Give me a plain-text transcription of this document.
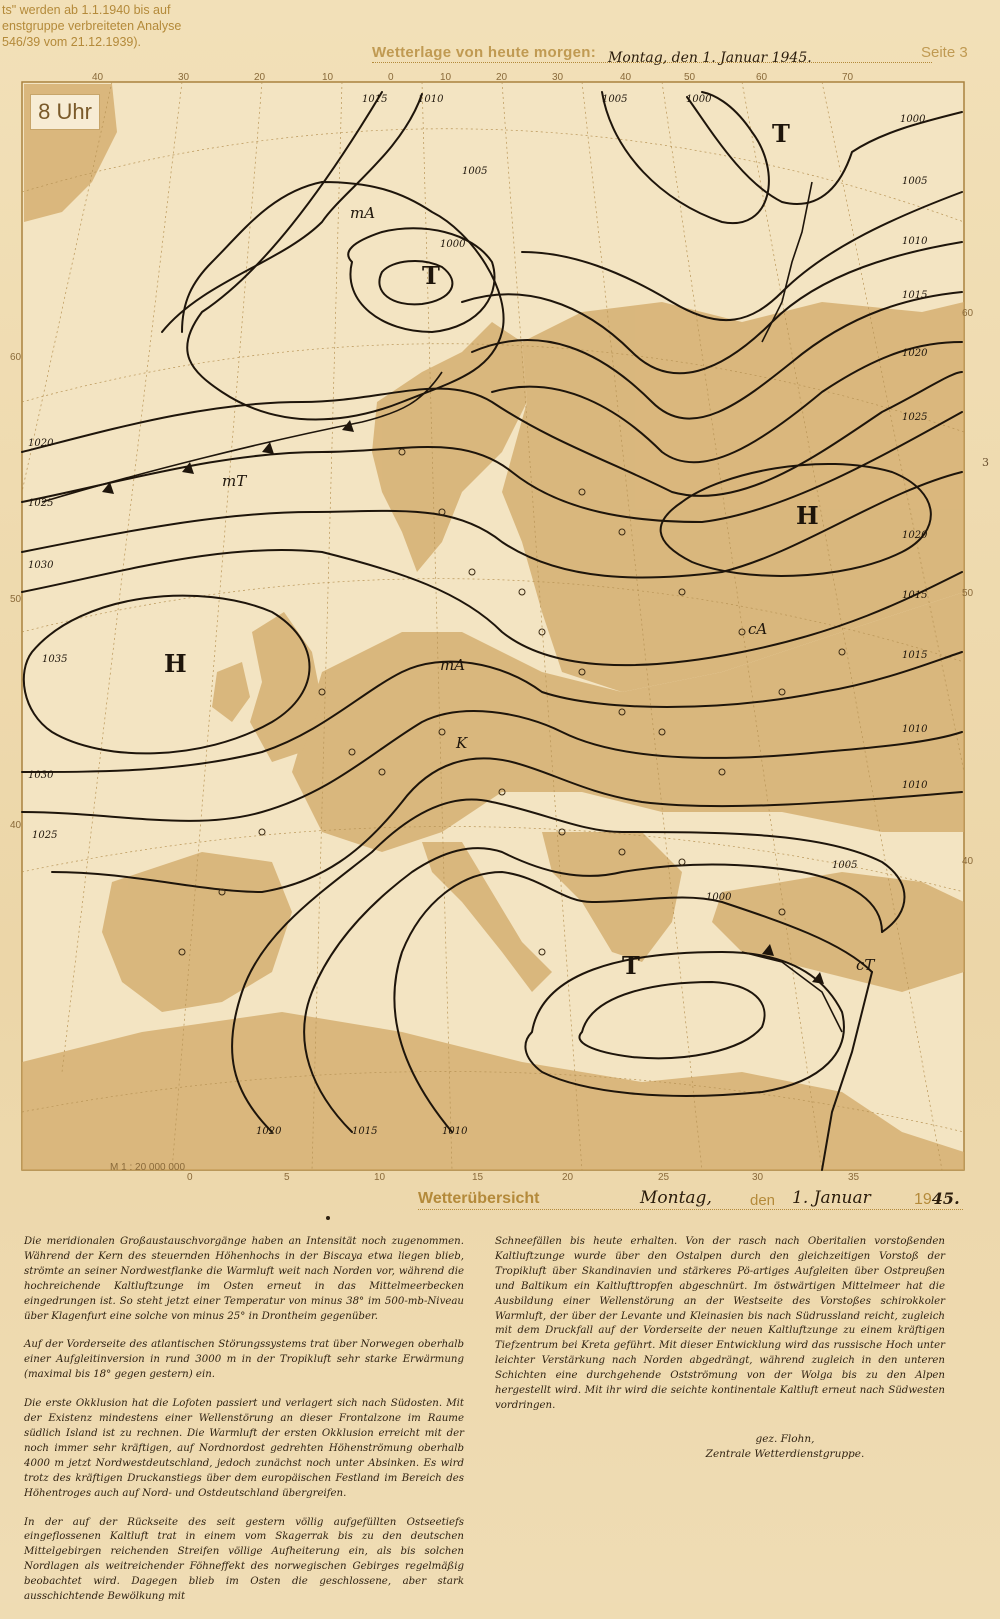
ts" werden ab 1.1.1940 bis auf
enstgruppe verbreiteten Analyse
546/39 vom 21.12.1939).
Wetterlage von heute morgen: Montag, den 1. Januar 1945.	Seite 3
40	30	20	10	0	10	20	30	40	50	60	70
0	5	10	15	20	25	30	35
60
50
40
60
50
40
1015	1010
1005
1000
1005	1000
1000
1005
1010
1015
1020
1025
1020
1025
1030
1035
1030
1025
1020
1015
1010
1005
1000
1015
1010
1020	1015	1010
T
T
H
H
T
mA
mT
mA
cA
cT
K
8 Uhr
M 1 : 20 000 000
3
Wetterübersicht	Montag,	den 1. Januar	1945.

Die meridionalen Großaustauschvorgänge haben an Intensität noch zugenommen. Während der Kern des steuernden Höhenhochs in der Biscaya etwa liegen blieb, strömte an seiner Nordwestflanke die Warmluft weit nach Norden vor, während die hochreichende Kaltluftzunge im Osten erneut in das Mittelmeerbecken eingedrungen ist. So steht jetzt einer Temperatur von minus 38° im 500-mb-Niveau über Klagenfurt eine solche von minus 25° in Drontheim gegenüber.

Auf der Vorderseite des atlantischen Störungssystems trat über Norwegen oberhalb einer Aufgleitinversion in rund 3000 m in der Tropikluft sehr starke Erwärmung (maximal bis 18° gegen gestern) ein.

Die erste Okklusion hat die Lofoten passiert und verlagert sich nach Südosten. Mit der Existenz mindestens einer Wellenstörung an dieser Frontalzone im Raume südlich Island ist zu rechnen. Die Warmluft der ersten Okklusion erreicht mit der noch immer sehr kräftigen, auf Nordnordost gedrehten Höhenströmung oberhalb 4000 m jetzt Nordwestdeutschland, jedoch zunächst noch unter Absinken. Es wird trotz des kräftigen Druckanstiegs über dem europäischen Festland im Bereich des Höhentroges auch auf Nord- und Ostdeutschland übergreifen.

In der auf der Rückseite des seit gestern völlig aufgefüllten Ostseetiefs eingeflossenen Kaltluft trat in einem vom Skagerrak bis zu den deutschen Mittelgebirgen reichenden Streifen völlige Aufheiterung ein, als bis solchen Nordlagen als weitreichender Föhneffekt des norwegischen Gebirges regelmäßig beobachtet wird. Dagegen blieb im Osten die geschlossene, aber stark ausschichtende Bewölkung mit

Schneefällen bis heute erhalten. Von der rasch nach Oberitalien vorstoßenden Kaltluftzunge wurde über den Ostalpen durch den gleichzeitigen Vorstoß der Tropikluft über Skandinavien und stärkeres Pö-artiges Aufgleiten über Ostpreußen und Baltikum ein Kaltlufttropfen abgeschnürt. Im östwärtigen Mittelmeer hat die Ausbildung einer Wellenstörung an der Westseite des Vorstoßes schirokkoler Warmluft, der über der Levante und Kleinasien bis nach Südrussland reicht, zugleich mit dem Druckfall auf der Vorderseite der neuen Kaltluftzunge zu einem kräftigen Tiefzentrum bei Kreta geführt. Mit dieser Entwicklung wird das russische Hoch unter leichter Verstärkung nach Norden abgedrängt, während zugleich in den unteren Schichten eine durchgehende Ostströmung von der Wolga bis zu den Alpen hergestellt wird. Mit ihr wird die seichte kontinentale Kaltluft erneut nach Südwesten vordringen.

gez. Flohn,
Zentrale Wetterdienstgruppe.
